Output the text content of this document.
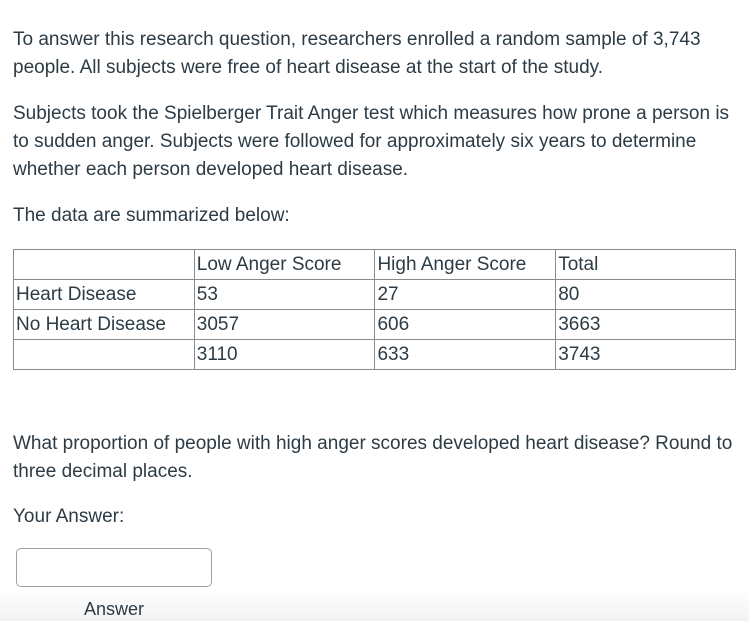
To answer this research question, researchers enrolled a random sample of 3,743 people. All subjects were free of heart disease at the start of the study.

Subjects took the Spielberger Trait Anger test which measures how prone a person is to sudden anger. Subjects were followed for approximately six years to determine whether each person developed heart disease.

The data are summarized below:

	Low Anger Score	High Anger Score	Total
Heart Disease	53	27	80
No Heart Disease	3057	606	3663
	3110	633	3743

What proportion of people with high anger scores developed heart disease? Round to three decimal places.

Your Answer:

Answer
